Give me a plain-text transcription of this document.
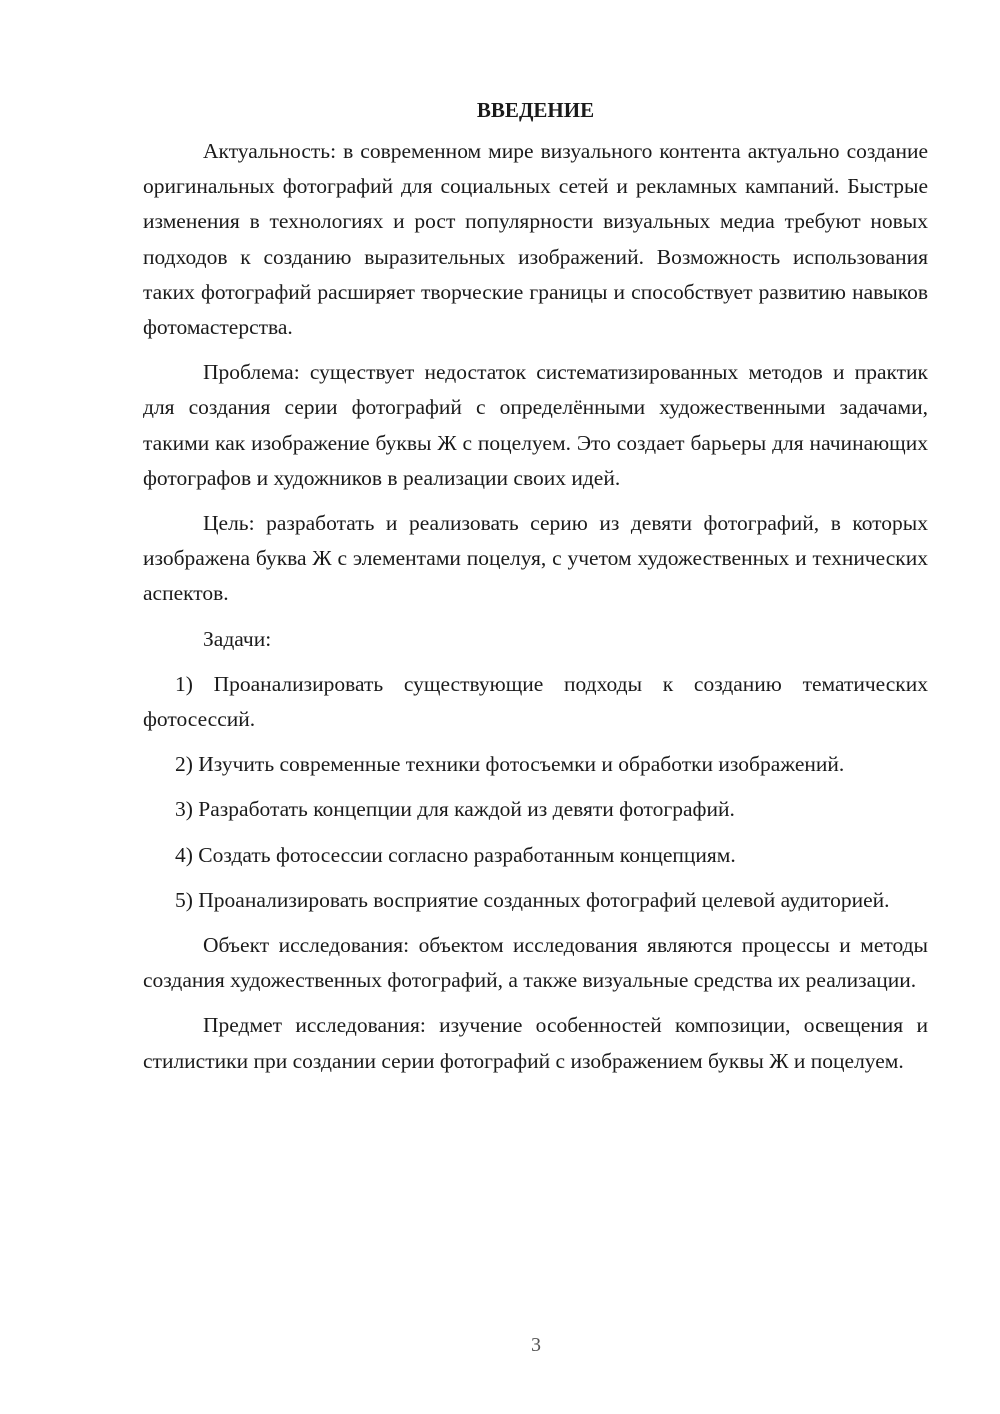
ВВЕДЕНИЕ

Актуальность: в современном мире визуального контента актуально создание оригинальных фотографий для социальных сетей и рекламных кампаний. Быстрые изменения в технологиях и рост популярности визуальных медиа требуют новых подходов к созданию выразительных изображений. Возможность использования таких фотографий расширяет творческие границы и способствует развитию навыков фотомастерства.

Проблема: существует недостаток систематизированных методов и практик для создания серии фотографий с определёнными художественными задачами, такими как изображение буквы Ж с поцелуем. Это создает барьеры для начинающих фотографов и художников в реализации своих идей.

Цель: разработать и реализовать серию из девяти фотографий, в которых изображена буква Ж с элементами поцелуя, с учетом художественных и технических аспектов.

Задачи:

1) Проанализировать существующие подходы к созданию тематических фотосессий.

2) Изучить современные техники фотосъемки и обработки изображений.

3) Разработать концепции для каждой из девяти фотографий.

4) Создать фотосессии согласно разработанным концепциям.

5) Проанализировать восприятие созданных фотографий целевой аудиторией.

Объект исследования: объектом исследования являются процессы и методы создания художественных фотографий, а также визуальные средства их реализации.

Предмет исследования: изучение особенностей композиции, освещения и стилистики при создании серии фотографий с изображением буквы Ж и поцелуем.

3
